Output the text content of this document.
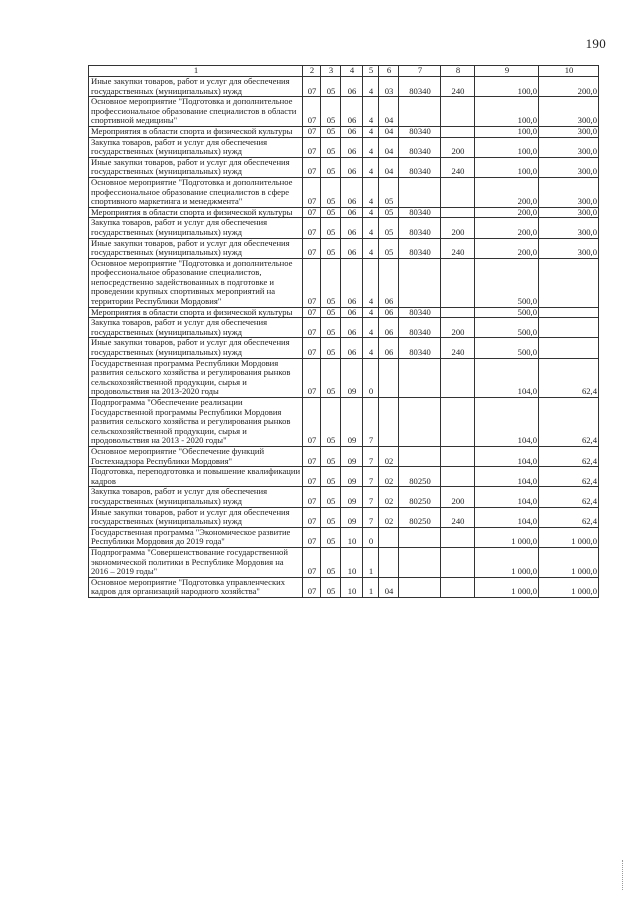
190
1	2	3	4	5	6	7	8	9	10
Иные закупки товаров, работ и услуг для обеспечения государственных (муниципальных) нужд	07	05	06	4	03	80340	240	100,0	200,0
Основное мероприятие "Подготовка и дополнительное профессиональное образование специалистов в области спортивной медицины"	07	05	06	4	04			100,0	300,0
Мероприятия в области спорта и физической культуры	07	05	06	4	04	80340		100,0	300,0
Закупка товаров, работ и услуг для обеспечения государственных (муниципальных) нужд	07	05	06	4	04	80340	200	100,0	300,0
Иные закупки товаров, работ и услуг для обеспечения государственных (муниципальных) нужд	07	05	06	4	04	80340	240	100,0	300,0
Основное мероприятие "Подготовка и дополнительное профессиональное образование специалистов в сфере спортивного маркетинга и менеджмента"	07	05	06	4	05			200,0	300,0
Мероприятия в области спорта и физической культуры	07	05	06	4	05	80340		200,0	300,0
Закупка товаров, работ и услуг для обеспечения государственных (муниципальных) нужд	07	05	06	4	05	80340	200	200,0	300,0
Иные закупки товаров, работ и услуг для обеспечения государственных (муниципальных) нужд	07	05	06	4	05	80340	240	200,0	300,0
Основное мероприятие "Подготовка и дополнительное профессиональное образование специалистов, непосредственно задействованных в подготовке и проведении крупных спортивных мероприятий на территории Республики Мордовия"	07	05	06	4	06			500,0	
Мероприятия в области спорта и физической культуры	07	05	06	4	06	80340		500,0	
Закупка товаров, работ и услуг для обеспечения государственных (муниципальных) нужд	07	05	06	4	06	80340	200	500,0	
Иные закупки товаров, работ и услуг для обеспечения государственных (муниципальных) нужд	07	05	06	4	06	80340	240	500,0	
Государственная программа Республики Мордовия развития сельского хозяйства и регулирования рынков сельскохозяйственной продукции, сырья и продовольствия на 2013-2020 годы	07	05	09	0				104,0	62,4
Подпрограмма "Обеспечение реализации Государственной программы Республики Мордовия развития сельского хозяйства и регулирования рынков сельскохозяйственной продукции, сырья и продовольствия на 2013 - 2020 годы"	07	05	09	7				104,0	62,4
Основное мероприятие "Обеспечение функций Гостехнадзора Республики Мордовия"	07	05	09	7	02			104,0	62,4
Подготовка, переподготовка и повышение квалификации кадров	07	05	09	7	02	80250		104,0	62,4
Закупка товаров, работ и услуг для обеспечения государственных (муниципальных) нужд	07	05	09	7	02	80250	200	104,0	62,4
Иные закупки товаров, работ и услуг для обеспечения государственных (муниципальных) нужд	07	05	09	7	02	80250	240	104,0	62,4
Государственная программа "Экономическое развитие Республики Мордовия до 2019 года"	07	05	10	0				1 000,0	1 000,0
Подпрограмма "Совершенствование государственной экономической политики в Республике Мордовия на 2016 – 2019 годы"	07	05	10	1				1 000,0	1 000,0
Основное мероприятие "Подготовка управленческих кадров для организаций народного хозяйства"	07	05	10	1	04			1 000,0	1 000,0
